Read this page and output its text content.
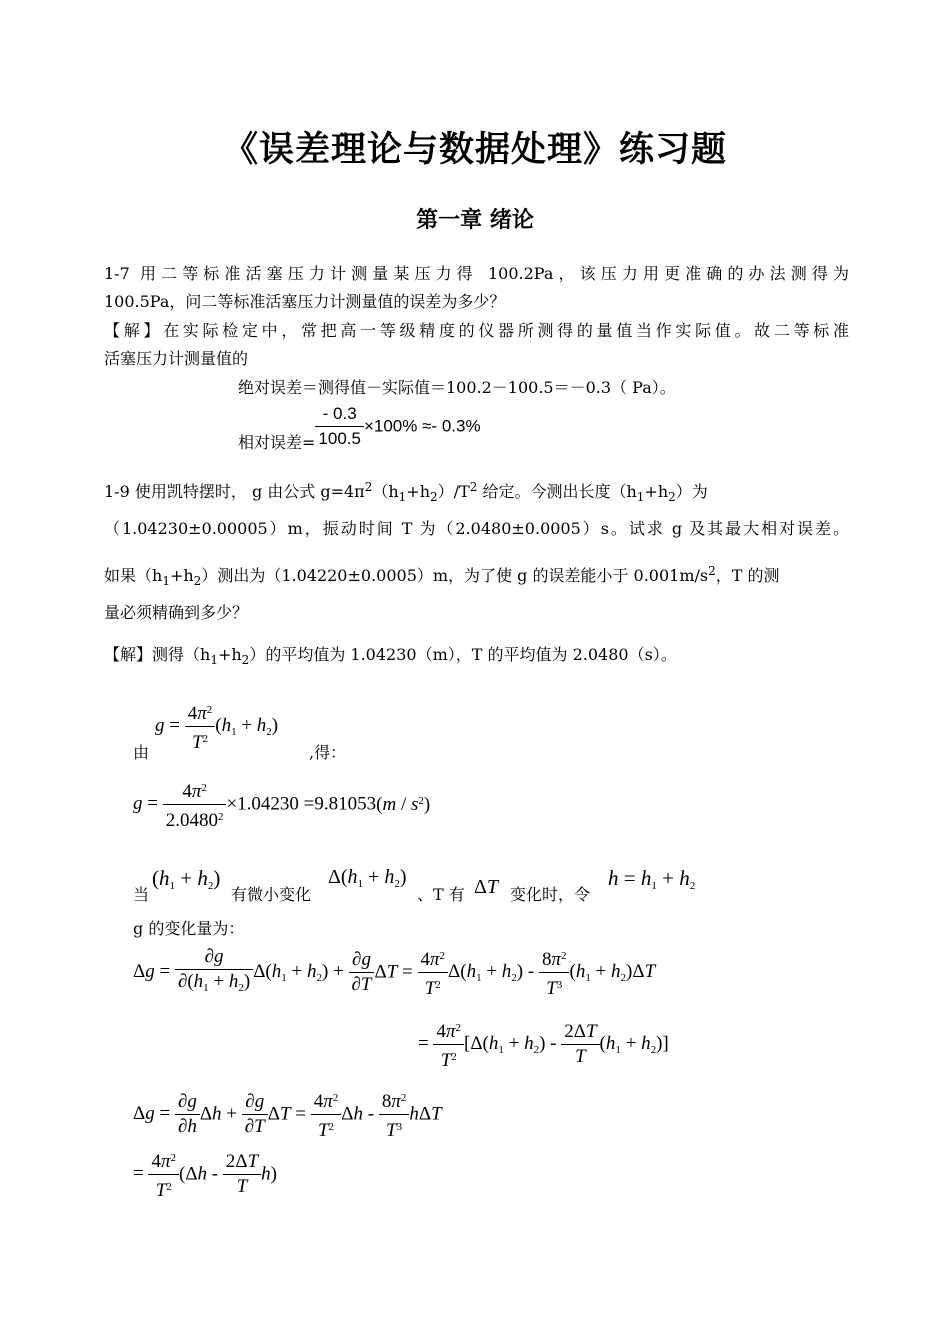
《误差理论与数据处理》练习题
第一章 绪论
1-7 用二等标准活塞压力计测量某压力得 100.2Pa，该压力用更准确的办法测得为
100.5Pa，问二等标准活塞压力计测量值的误差为多少？
【解】在实际检定中，常把高一等级精度的仪器所测得的量值当作实际值。故二等标准
活塞压力计测量值的
绝对误差＝测得值－实际值＝100.2－100.5＝－0.3（ Pa）。
相对误差= $\frac{- 0.3}{100.5} \times 100\% \approx- 0.3\%$
1-9 使用凯特摆时， g 由公式 $g=4\pi^2(h_1+h_2)/T^2$ 给定。今测出长度$(h_1+h_2)$为
（1.04230±0.00005）m，振动时间 T 为（2.0480±0.0005）s。试求 g 及其最大相对误差。
如果$(h_1+h_2)$测出为（1.04220±0.0005）m，为了使 g 的误差能小于 $0.001m/s^2$，T 的测
量必须精确到多少？
【解】测得$(h_1+h_2)$的平均值为 1.04230（m），T 的平均值为 2.0480（s）。
由
$g = \frac{4\pi^2}{T^2} (h_1 + h_2)$
,得：
$g = \frac{4\pi^2}{2.0480^2} \times 1.04230 =9.81053(m / s^2)$
当
$(h_1 + h_2)$
有微小变化
$\Delta(h_1 + h_2)$
、T 有 ΔT 变化时，令
$h = h_1 + h_2$
g 的变化量为：
$\Delta g = \frac{\partial g}{\partial(h_1 + h_2)} \Delta(h_1 + h_2) + \frac{\partial g}{\partial T}$ $\Delta T = \frac{4\pi^2}{T^2} \Delta(h_1 + h_2) - \frac{8\pi^2}{T^3} (h_1 + h_2)\Delta T$
= $\frac{4\pi^2}{T^2} [\Delta(h_1 + h_2) - \frac{2\Delta T}{T} (h_1 + h_2)]$
$\Delta g = \frac{\partial g}{\partial h}$ $\Delta h + \frac{\partial g}{\partial T}$ $\Delta T = \frac{4\pi^2}{T^2}$ Δh - $\frac{8\pi^2}{T^3}$ hΔT
= $\frac{4\pi^2}{T^2} (\Delta h - \frac{2\Delta T}{T} h)$
